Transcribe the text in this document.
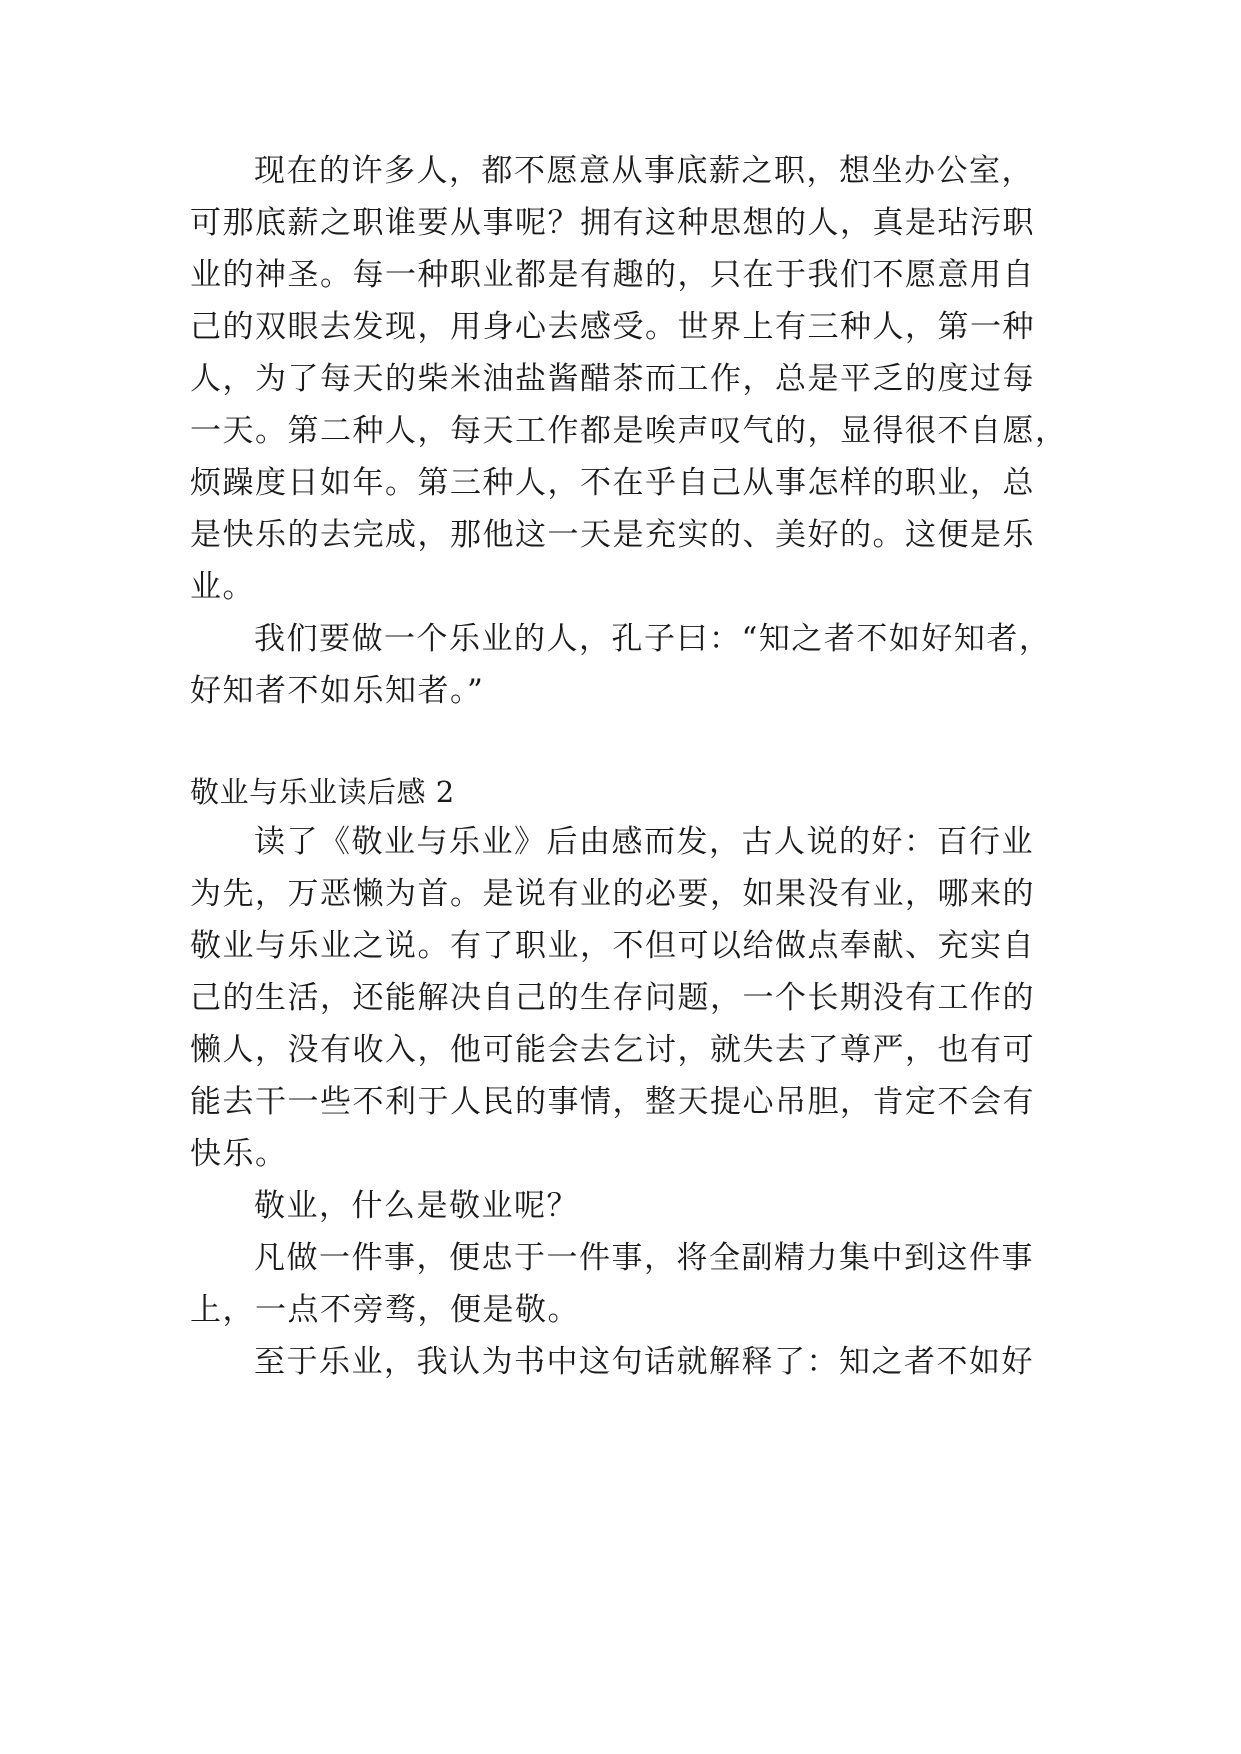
现在的许多人，都不愿意从事底薪之职，想坐办公室，
可那底薪之职谁要从事呢？拥有这种思想的人，真是玷污职
业的神圣。每一种职业都是有趣的，只在于我们不愿意用自
己的双眼去发现，用身心去感受。世界上有三种人，第一种
人，为了每天的柴米油盐酱醋茶而工作，总是平乏的度过每
一天。第二种人，每天工作都是唉声叹气的，显得很不自愿，
烦躁度日如年。第三种人，不在乎自己从事怎样的职业，总
是快乐的去完成，那他这一天是充实的、美好的。这便是乐
业。
我们要做一个乐业的人，孔子曰：“知之者不如好知者，
好知者不如乐知者。”
敬业与乐业读后感 2
读了《敬业与乐业》后由感而发，古人说的好：百行业
为先，万恶懒为首。是说有业的必要，如果没有业，哪来的
敬业与乐业之说。有了职业，不但可以给做点奉献、充实自
己的生活，还能解决自己的生存问题，一个长期没有工作的
懒人，没有收入，他可能会去乞讨，就失去了尊严，也有可
能去干一些不利于人民的事情，整天提心吊胆，肯定不会有
快乐。
敬业，什么是敬业呢？
凡做一件事，便忠于一件事，将全副精力集中到这件事
上，一点不旁骛，便是敬。
至于乐业，我认为书中这句话就解释了：知之者不如好
